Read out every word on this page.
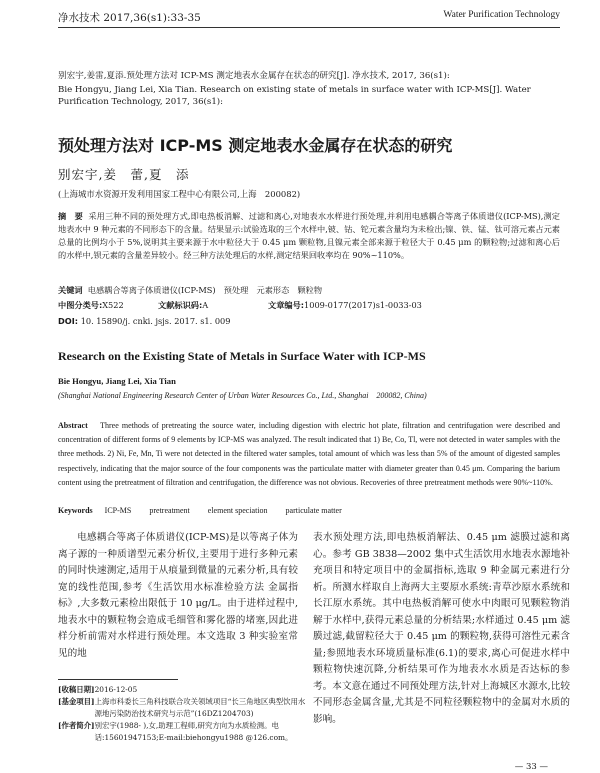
净水技术 2017,36(s1):33-35	Water Purification Technology
别宏宇,姜雷,夏添.预处理方法对 ICP-MS 测定地表水金属存在状态的研究[J]. 净水技术, 2017, 36(s1):
Bie Hongyu, Jiang Lei, Xia Tian. Research on existing state of metals in surface water with ICP-MS[J]. Water Purification Technology, 2017, 36(s1):
预处理方法对 ICP-MS 测定地表水金属存在状态的研究
别宏宇,姜　蕾,夏　添
(上海城市水资源开发利用国家工程中心有限公司,上海　200082)
摘　要 采用三种不同的预处理方式,即电热板消解、过滤和离心,对地表水水样进行预处理,并利用电感耦合等离子体质谱仪(ICP-MS),测定地表水中 9 种元素的不同形态下的含量。结果显示:试验选取的三个水样中,铍、钴、铊元素含量均为未检出;镍、铁、锰、钛可溶元素占元素总量的比例均小于 5%,说明其主要来源于水中粒径大于 0.45 μm 颗粒物,且镍元素全部来源于粒径大于 0.45 μm 的颗粒物;过滤和离心后的水样中,钡元素的含量差异较小。经三种方法处理后的水样,测定结果回收率均在 90%~110%。
关键词 电感耦合等离子体质谱仪(ICP-MS)　预处理　元素形态　颗粒物
中图分类号:X522	文献标识码:A	文章编号:1009-0177(2017)s1-0033-03
DOI: 10. 15890/j. cnki. jsjs. 2017. s1. 009
Research on the Existing State of Metals in Surface Water with ICP-MS
Bie Hongyu, Jiang Lei, Xia Tian
(Shanghai National Engineering Research Center of Urban Water Resources Co., Ltd., Shanghai　200082, China)
Abstract Three methods of pretreating the source water, including digestion with electric hot plate, filtration and centrifugation were described and concentration of different forms of 9 elements by ICP-MS was analyzed. The result indicated that 1) Be, Co, Tl, were not detected in water samples with the three methods. 2) Ni, Fe, Mn, Ti were not detected in the filtered water samples, total amount of which was less than 5% of the amount of digested samples respectively, indicating that the major source of the four components was the particulate matter with diameter greater than 0.45 μm. Comparing the barium content using the pretreatment of filtration and centrifugation, the difference was not obvious. Recoveries of three pretreatment methods were 90%~110%.
Keywords ICP-MS pretreatment element speciation particulate matter
电感耦合等离子体质谱仪(ICP-MS)是以等离子体为离子源的一种质谱型元素分析仪,主要用于进行多种元素的同时快速测定,适用于从痕量到微量的元素分析,具有较宽的线性范围,参考《生活饮用水标准检验方法 金属指标》,大多数元素检出限低于 10 μg/L。由于进样过程中,地表水中的颗粒物会造成毛细管和雾化器的堵塞,因此进样分析前需对水样进行预处理。本文选取 3 种实验室常见的地
表水预处理方法,即电热板消解法、0.45 μm 滤膜过滤和离心。参考 GB 3838—2002 集中式生活饮用水地表水源地补充项目和特定项目中的金属指标,选取 9 种金属元素进行分析。所测水样取自上海两大主要原水系统:青草沙原水系统和长江原水系统。其中电热板消解可使水中肉眼可见颗粒物消解于水样中,获得元素总量的分析结果;水样通过 0.45 μm 滤膜过滤,截留粒径大于 0.45 μm 的颗粒物,获得可溶性元素含量;参照地表水环境质量标准(6.1)的要求,离心可促进水样中颗粒物快速沉降,分析结果可作为地表水水质是否达标的参考。本文意在通过不同预处理方法,针对上海城区水源水,比较不同形态金属含量,尤其是不同粒径颗粒物中的金属对水质的影响。
[收稿日期] 2016-12-05
[基金项目] 上海市科委长三角科技联合攻关领域项目“长三角地区典型饮用水源地污染防治技术研究与示范”(16DZ1204703)
[作者简介] 别宏宇(1988- ),女,助理工程师,研究方向为水质检测。电话:15601947153;E-mail:biehongyu1988 @126.com。
— 33 —
